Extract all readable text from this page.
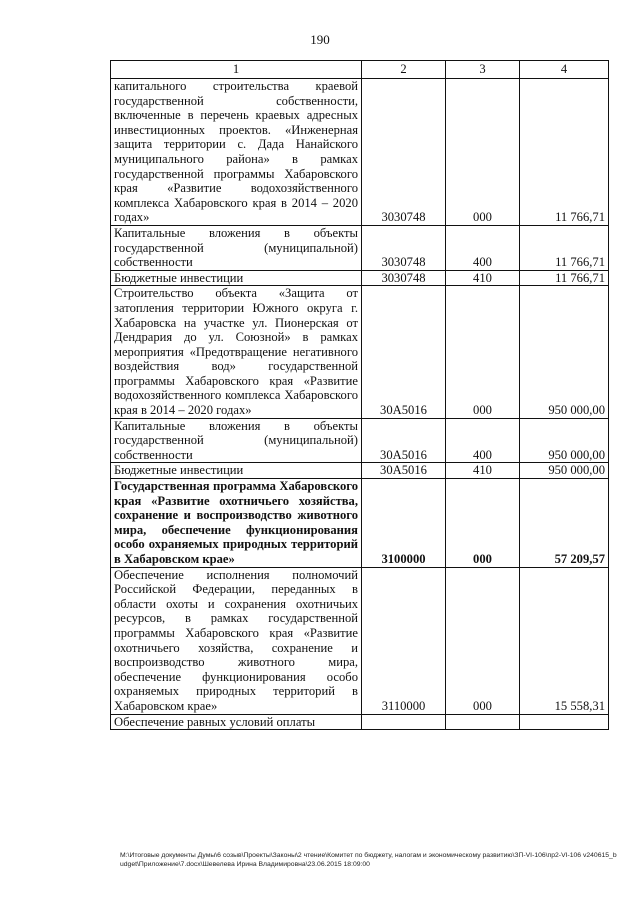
190
1	2	3	4
капитального строительства краевой государственной собственности, включенные в перечень краевых адресных инвестиционных проектов. «Инженерная защита территории с. Дада Нанайского муниципального района» в рамках государственной программы Хабаровского края «Развитие водохозяйственного комплекса Хабаровского края в 2014 – 2020 годах»	3030748	000	11 766,71
Капитальные вложения в объекты государственной (муниципальной) собственности	3030748	400	11 766,71
Бюджетные инвестиции	3030748	410	11 766,71
Строительство объекта «Защита от затопления территории Южного округа г. Хабаровска на участке ул. Пионерская от Дендрария до ул. Союзной» в рамках мероприятия «Предотвращение негативного воздействия вод» государственной программы Хабаровского края «Развитие водохозяйственного комплекса Хабаровского края в 2014 – 2020 годах»	30А5016	000	950 000,00
Капитальные вложения в объекты государственной (муниципальной) собственности	30А5016	400	950 000,00
Бюджетные инвестиции	30А5016	410	950 000,00
Государственная программа Хабаровского края «Развитие охотничьего хозяйства, сохранение и воспроизводство животного мира, обеспечение функционирования особо охраняемых природных территорий в Хабаровском крае»	3100000	000	57 209,57
Обеспечение исполнения полномочий Российской Федерации, переданных в области охоты и сохранения охотничьих ресурсов, в рамках государственной программы Хабаровского края «Развитие охотничьего хозяйства, сохранение и воспроизводство животного мира, обеспечение функционирования особо охраняемых природных территорий в Хабаровском крае»	3110000	000	15 558,31
Обеспечение равных условий оплаты			
M:\Итоговые документы Думы\6 созыв\Проекты\Законы\2 чтение\Комитет по бюджету, налогам и экономическому развитию\ЗП-VI-106\пр2-VI-106 v240615_budget\Приложение\7.docx\Шевелева Ирина Владимировна\23.06.2015 18:09:00
